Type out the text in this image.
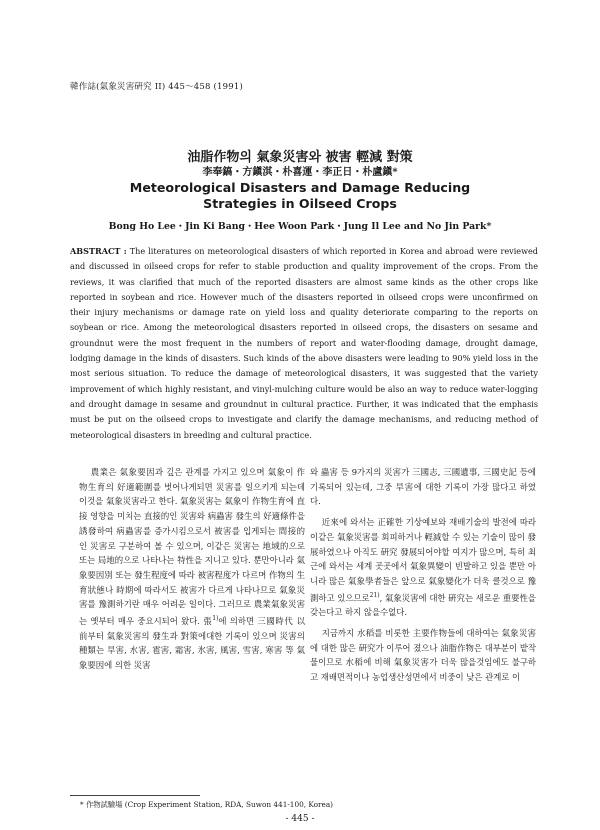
韓作誌(氣象災害硏究 II) 445～458 (1991)
油脂作物의 氣象災害와 被害 輕減 對策
李奉鎬・方鎭淇・朴喜運・李正日・朴盧鎭*
Meteorological Disasters and Damage Reducing
Strategies in Oilseed Crops
Bong Ho Lee・Jin Ki Bang・Hee Woon Park・Jung Il Lee and No Jin Park*
ABSTRACT : The literatures on meteorological disasters of which reported in Korea and abroad were reviewed and discussed in oilseed crops for refer to stable production and quality improvement of the crops. From the reviews, it was clarified that much of the reported disasters are almost same kinds as the other crops like reported in soybean and rice. However much of the disasters reported in oilseed crops were unconfirmed on their injury mechanisms or damage rate on yield loss and quality deteriorate comparing to the reports on soybean or rice. Among the meteorological disasters reported in oilseed crops, the disasters on sesame and groundnut were the most frequent in the numbers of report and water-flooding damage, drought damage, lodging damage in the kinds of disasters. Such kinds of the above disasters were leading to 90% yield loss in the most serious situation. To reduce the damage of meteorological disasters, it was suggested that the variety improvement of which highly resistant, and vinyl-mulching culture would be also an way to reduce water-logging and drought damage in sesame and groundnut in cultural practice. Further, it was indicated that the emphasis must be put on the oilseed crops to investigate and clarify the damage mechanisms, and reducing method of meteorological disasters in breeding and cultural practice.

農業은 氣象要因과 깊은 관계를 가지고 있으며 氣象이 作物生育의 好適範圍를 벗어나게되면 災害를 일으키게 되는데 이것을 氣象災害라고 한다. 氣象災害는 氣象이 作物生育에 直接 영향을 미치는 直接的인 災害와 病蟲害 發生의 好適條件을 誘發하여 病蟲害를 증가시킴으로서 被害를 입게되는 間接的인 災害로 구분하여 볼 수 있으며, 이같은 災害는 地域的으로 또는 局地的으로 나타나는 特性을 지니고 있다. 뿐만아니라 氣象要因別 또는 發生程度에 따라 被害程度가 다르며 作物의 生育狀態나 時期에 따라서도 被害가 다르게 나타나므로 氣象災害를 豫測하기란 매우 어려운 일이다. 그러므로 農業氣象災害는 옛부터 매우 중요시되어 왔다. 張$^{1)}$에 의하면 三國時代 以前부터 氣象災害의 發生과 對策에대한 기록이 있으며 災害의 種類는 旱害, 水害, 雹害, 霜害, 氷害, 風害, 雪害, 寒害 等 氣象要因에 의한 災害

와 蟲害 등 9가지의 災害가 三國志, 三國遺事, 三國史記 등에 기록되어 있는데, 그중 旱害에 대한 기록이 가장 많다고 하였다.

近來에 와서는 正確한 기상예보와 재배기술의 발전에 따라 이같은 氣象災害를 회피하거나 輕減할 수 있는 기술이 많이 發展하였으나 아직도 硏究 發展되어야할 여지가 많으며, 특히 최근에 와서는 세계 곳곳에서 氣象異變이 빈발하고 있을 뿐만 아니라 많은 氣象學者들은 앞으로 氣象變化가 더욱 클것으로 豫測하고 있으므로$^{21)}$, 氣象災害에 대한 硏究는 새로운 重要性을 갖는다고 하지 않을수없다.

지금까지 水稻를 비롯한 主要作物들에 대하여는 氣象災害에 대한 많은 硏究가 이루어 졌으나 油脂作物은 대부분이 밭작물이므로 水稻에 비해 氣象災害가 더욱 많을것임에도 불구하고 재배면적이나 농업생산성면에서 비중이 낮은 관계로 이

* 作物試驗場 (Crop Experiment Station, RDA, Suwon 441-100, Korea)
- 445 -
